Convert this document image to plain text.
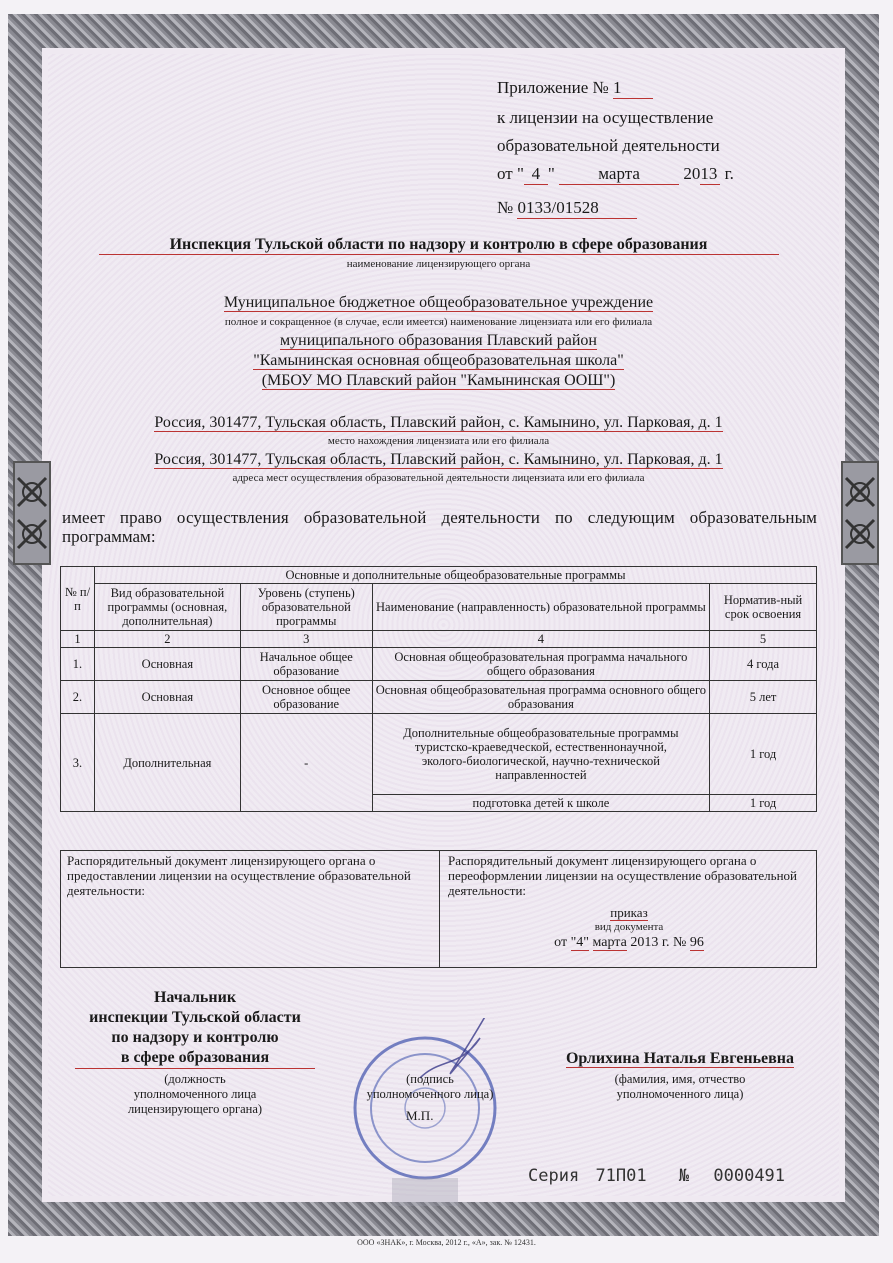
Приложение № 1
к лицензии на осуществление
образовательной деятельности
от " 4 "	марта	2013 г.
№ 0133/01528
Инспекция Тульской области по надзору и контролю в сфере образования
наименование лицензирующего органа
Муниципальное бюджетное общеобразовательное учреждение
полное и сокращенное (в случае, если имеется) наименование лицензиата или его филиала
муниципального образования Плавский район
"Камынинская основная общеобразовательная школа"
(МБОУ МО Плавский район "Камынинская ООШ")
Россия, 301477, Тульская область, Плавский район, с. Камынино, ул. Парковая, д. 1
место нахождения лицензиата или его филиала
Россия, 301477, Тульская область, Плавский район, с. Камынино, ул. Парковая, д. 1
адреса мест осуществления образовательной деятельности лицензиата или его филиала
имеет право осуществления образовательной деятельности по следующим образовательным
программам:
№ п/п	Основные и дополнительные общеобразовательные программы			
	Вид образовательной программы (основная, дополнительная)	Уровень (ступень) образовательной программы	Наименование (направленность) образовательной программы	Норматив-ный срок освоения
1	2	3	4	5
1.	Основная	Начальное общее образование	Основная общеобразовательная программа начального общего образования	4 года
2.	Основная	Основное общее образование	Основная общеобразовательная программа основного общего образования	5 лет
3.	Дополнительная	-	Дополнительные общеобразовательные программы туристско-краеведческой, естественнонаучной, эколого-биологической, научно-технической направленностей	1 год
			подготовка детей к школе	1 год
Распорядительный документ лицензирующего органа о предоставлении лицензии на осуществление образовательной деятельности:
Распорядительный документ лицензирующего органа о переоформлении лицензии на осуществление образовательной деятельности:
приказ
вид документа
от "4" марта 2013 г. № 96
Начальник
инспекции Тульской области
по надзору и контролю
в сфере образования
(должность
уполномоченного лица
лицензирующего органа)
(подпись
уполномоченного лица)
М.П.
Орлихина Наталья Евгеньевна
(фамилия, имя, отчество
уполномоченного лица)
Серия 71П01 № 0000491
ООО «ЗНАК», г. Москва, 2012 г., «А», зак. № 12431.
